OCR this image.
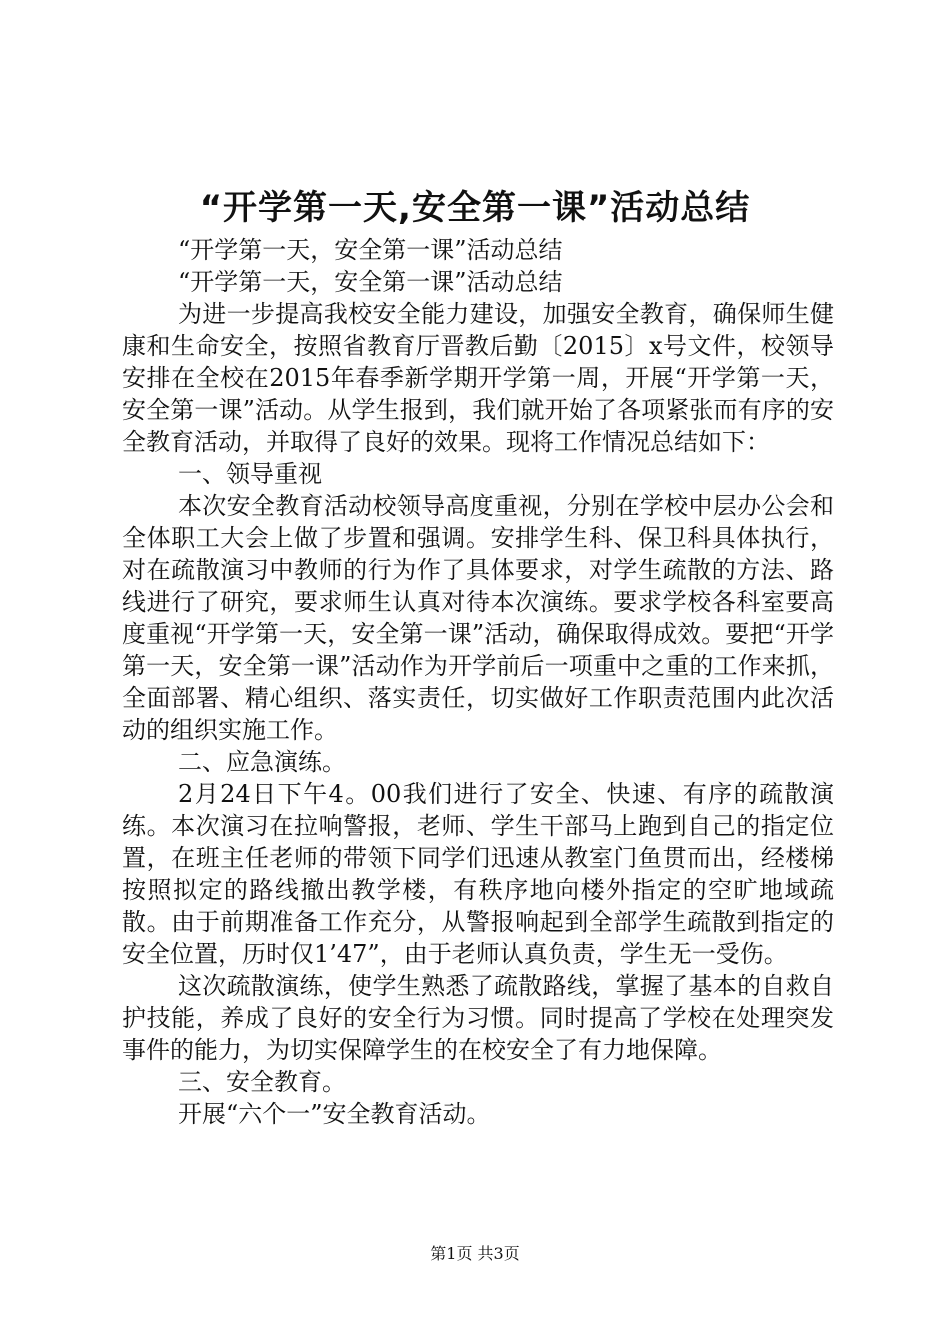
“开学第一天,安全第一课”活动总结

“开学第一天，安全第一课”活动总结

“开学第一天，安全第一课”活动总结

为进一步提高我校安全能力建设，加强安全教育，确保师生健康和生命安全，按照省教育厅晋教后勤〔2015〕x号文件，校领导安排在全校在2015年春季新学期开学第一周，开展“开学第一天，安全第一课”活动。从学生报到，我们就开始了各项紧张而有序的安全教育活动，并取得了良好的效果。现将工作情况总结如下：

一、领导重视

本次安全教育活动校领导高度重视，分别在学校中层办公会和全体职工大会上做了步置和强调。安排学生科、保卫科具体执行，对在疏散演习中教师的行为作了具体要求，对学生疏散的方法、路线进行了研究，要求师生认真对待本次演练。要求学校各科室要高度重视“开学第一天，安全第一课”活动，确保取得成效。要把“开学第一天，安全第一课”活动作为开学前后一项重中之重的工作来抓，全面部署、精心组织、落实责任，切实做好工作职责范围内此次活动的组织实施工作。

二、应急演练。

2月24日下午4。00我们进行了安全、快速、有序的疏散演练。本次演习在拉响警报，老师、学生干部马上跑到自己的指定位置，在班主任老师的带领下同学们迅速从教室门鱼贯而出，经楼梯按照拟定的路线撤出教学楼，有秩序地向楼外指定的空旷地域疏散。由于前期准备工作充分，从警报响起到全部学生疏散到指定的安全位置，历时仅1’47”，由于老师认真负责，学生无一受伤。

这次疏散演练，使学生熟悉了疏散路线，掌握了基本的自救自护技能，养成了良好的安全行为习惯。同时提高了学校在处理突发事件的能力，为切实保障学生的在校安全了有力地保障。

三、安全教育。

开展“六个一”安全教育活动。

第1页 共3页
